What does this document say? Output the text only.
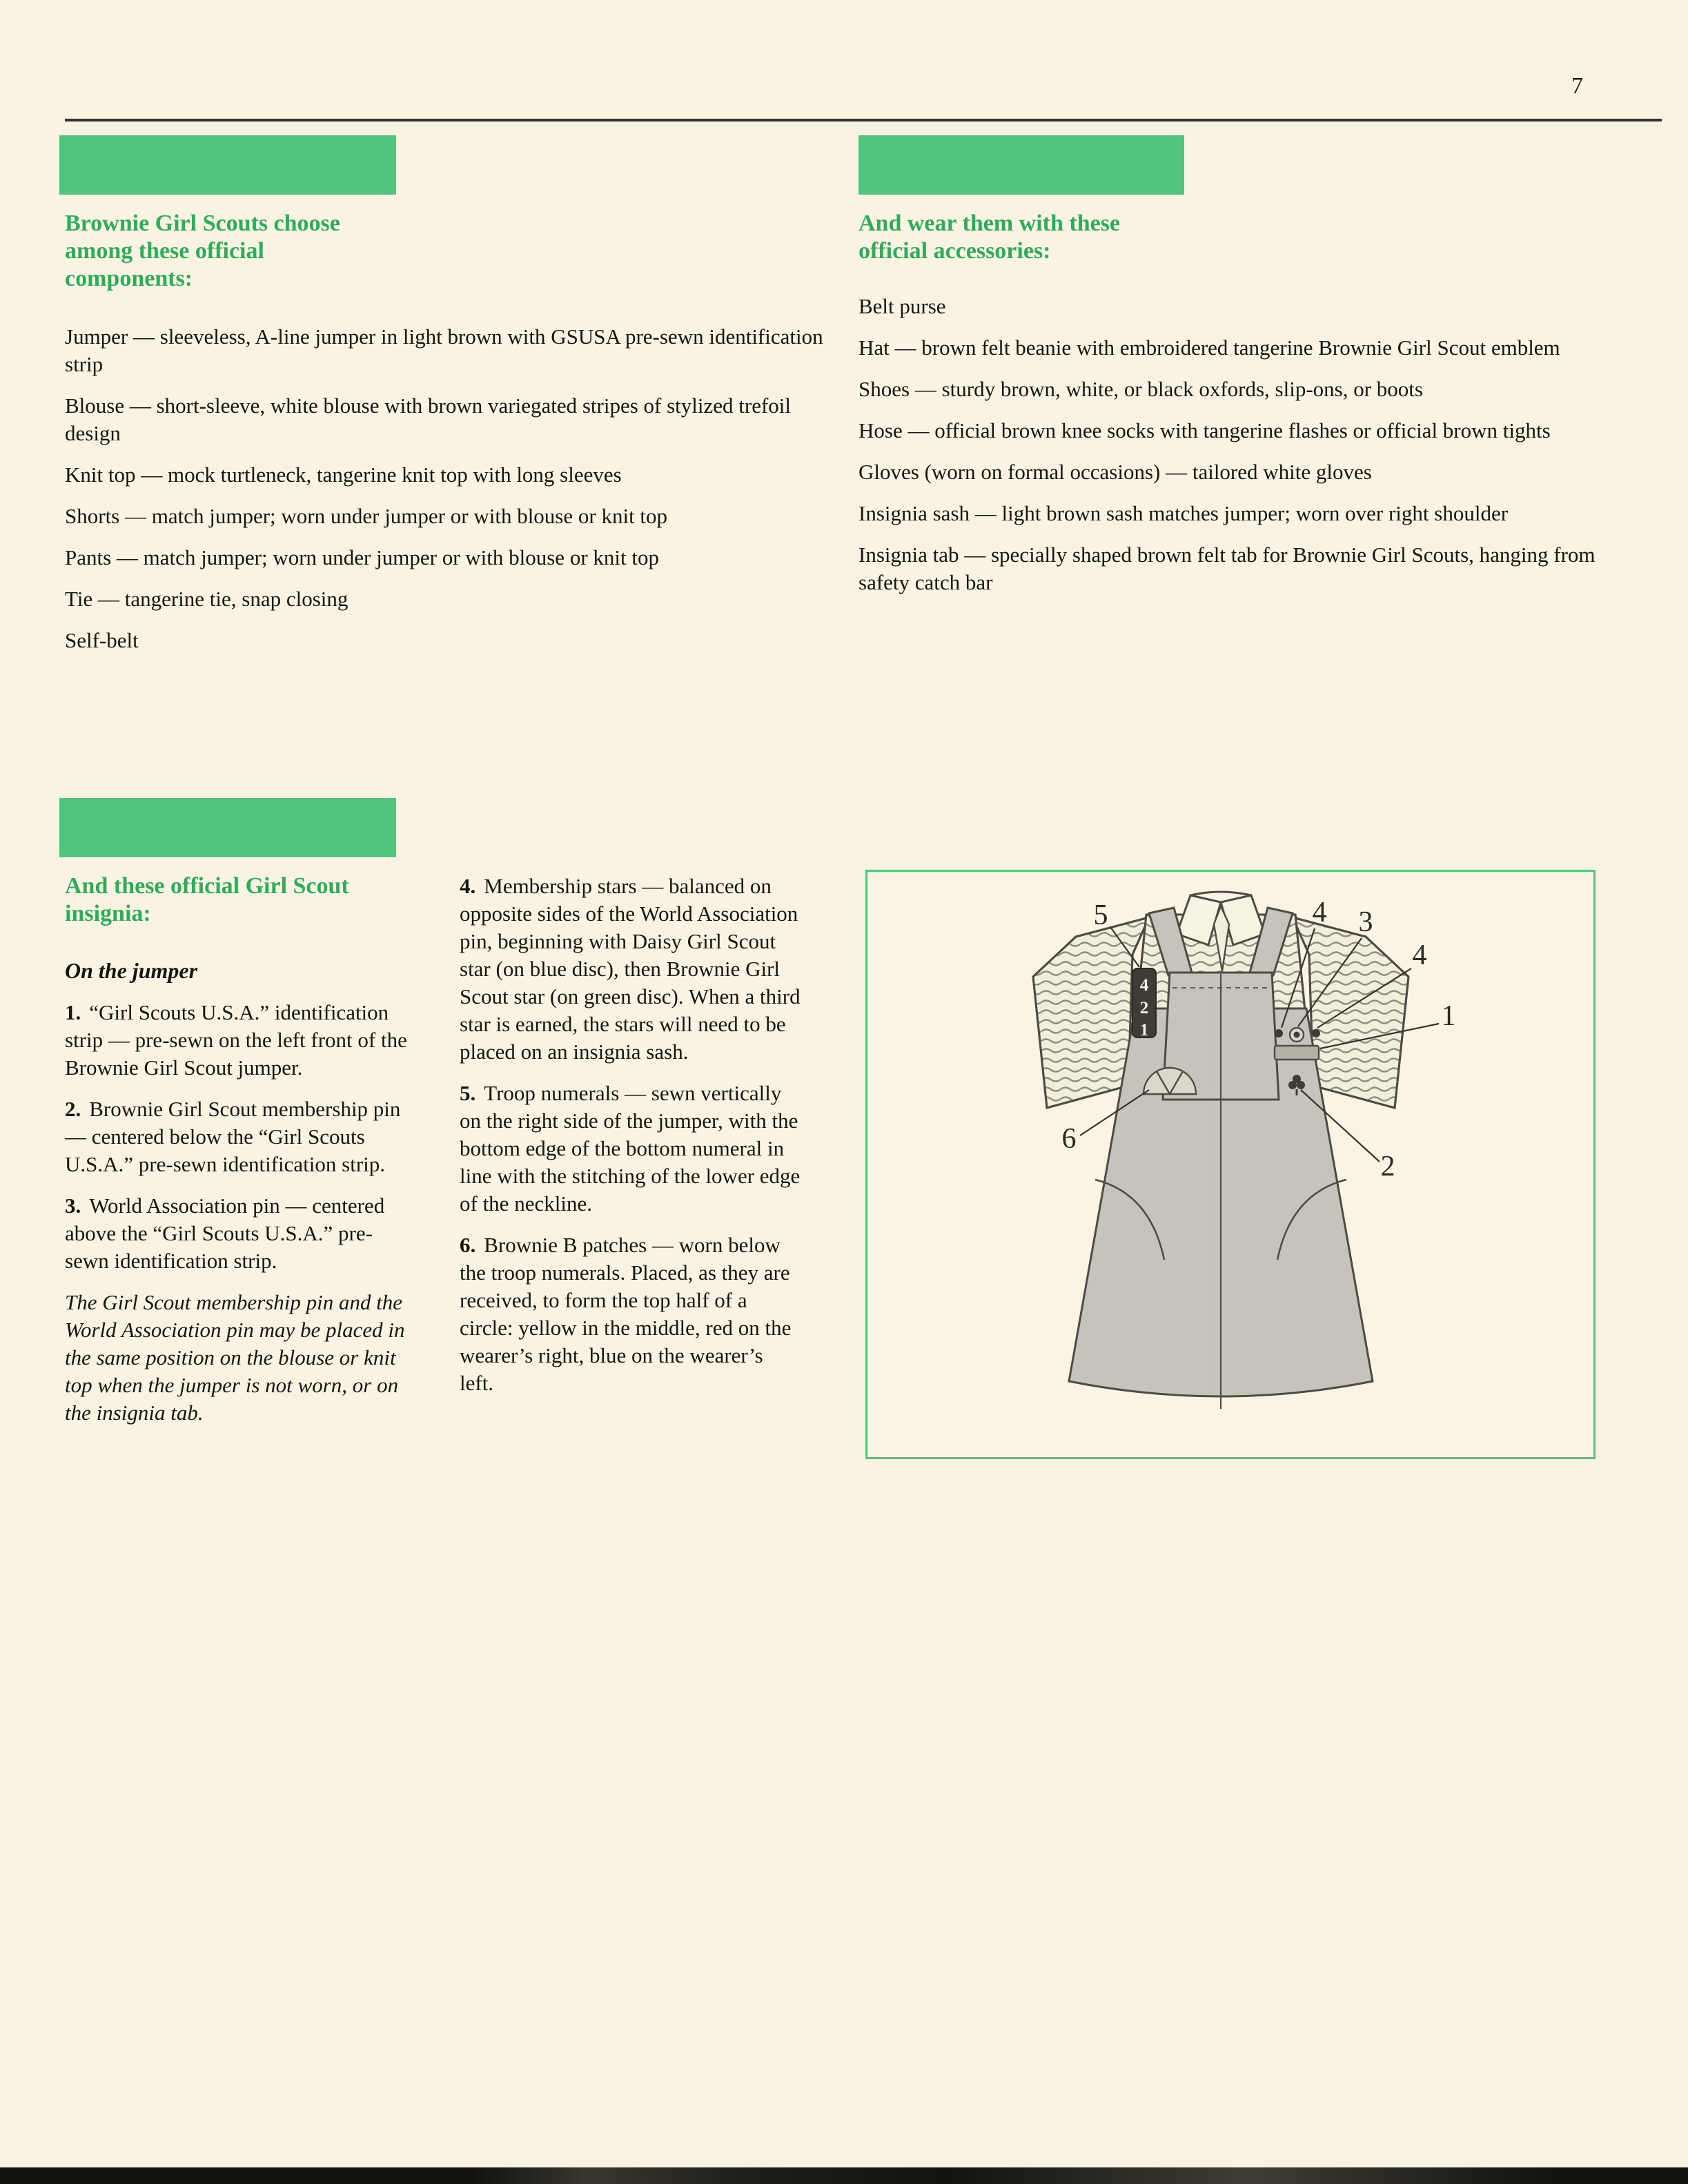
7
Brownie Girl Scouts choose among these official components:

Jumper — sleeveless, A-line jumper in light brown with GSUSA pre-sewn identification strip

Blouse — short-sleeve, white blouse with brown variegated stripes of stylized trefoil design

Knit top — mock turtleneck, tangerine knit top with long sleeves

Shorts — match jumper; worn under jumper or with blouse or knit top

Pants — match jumper; worn under jumper or with blouse or knit top

Tie — tangerine tie, snap closing

Self-belt

And wear them with these official accessories:

Belt purse

Hat — brown felt beanie with embroidered tangerine Brownie Girl Scout emblem

Shoes — sturdy brown, white, or black oxfords, slip-ons, or boots

Hose — official brown knee socks with tangerine flashes or official brown tights

Gloves (worn on formal occasions) — tailored white gloves

Insignia sash — light brown sash matches jumper; worn over right shoulder

Insignia tab — specially shaped brown felt tab for Brownie Girl Scouts, hanging from safety catch bar

And these official Girl Scout insignia:

On the jumper

1. “Girl Scouts U.S.A.” identification strip — pre-sewn on the left front of the Brownie Girl Scout jumper.

2. Brownie Girl Scout membership pin — centered below the “Girl Scouts U.S.A.” pre-sewn identification strip.

3. World Association pin — centered above the “Girl Scouts U.S.A.” pre-sewn identification strip.

The Girl Scout membership pin and the World Association pin may be placed in the same position on the blouse or knit top when the jumper is not worn, or on the insignia tab.

4. Membership stars — balanced on opposite sides of the World Association pin, beginning with Daisy Girl Scout star (on blue disc), then Brownie Girl Scout star (on green disc). When a third star is earned, the stars will need to be placed on an insignia sash.

5. Troop numerals — sewn vertically on the right side of the jumper, with the bottom edge of the bottom numeral in line with the stitching of the lower edge of the neckline.

6. Brownie B patches — worn below the troop numerals. Placed, as they are received, to form the top half of a circle: yellow in the middle, red on the wearer’s right, blue on the wearer’s left.

4
2
1
5	4 3
4
1
6
2
